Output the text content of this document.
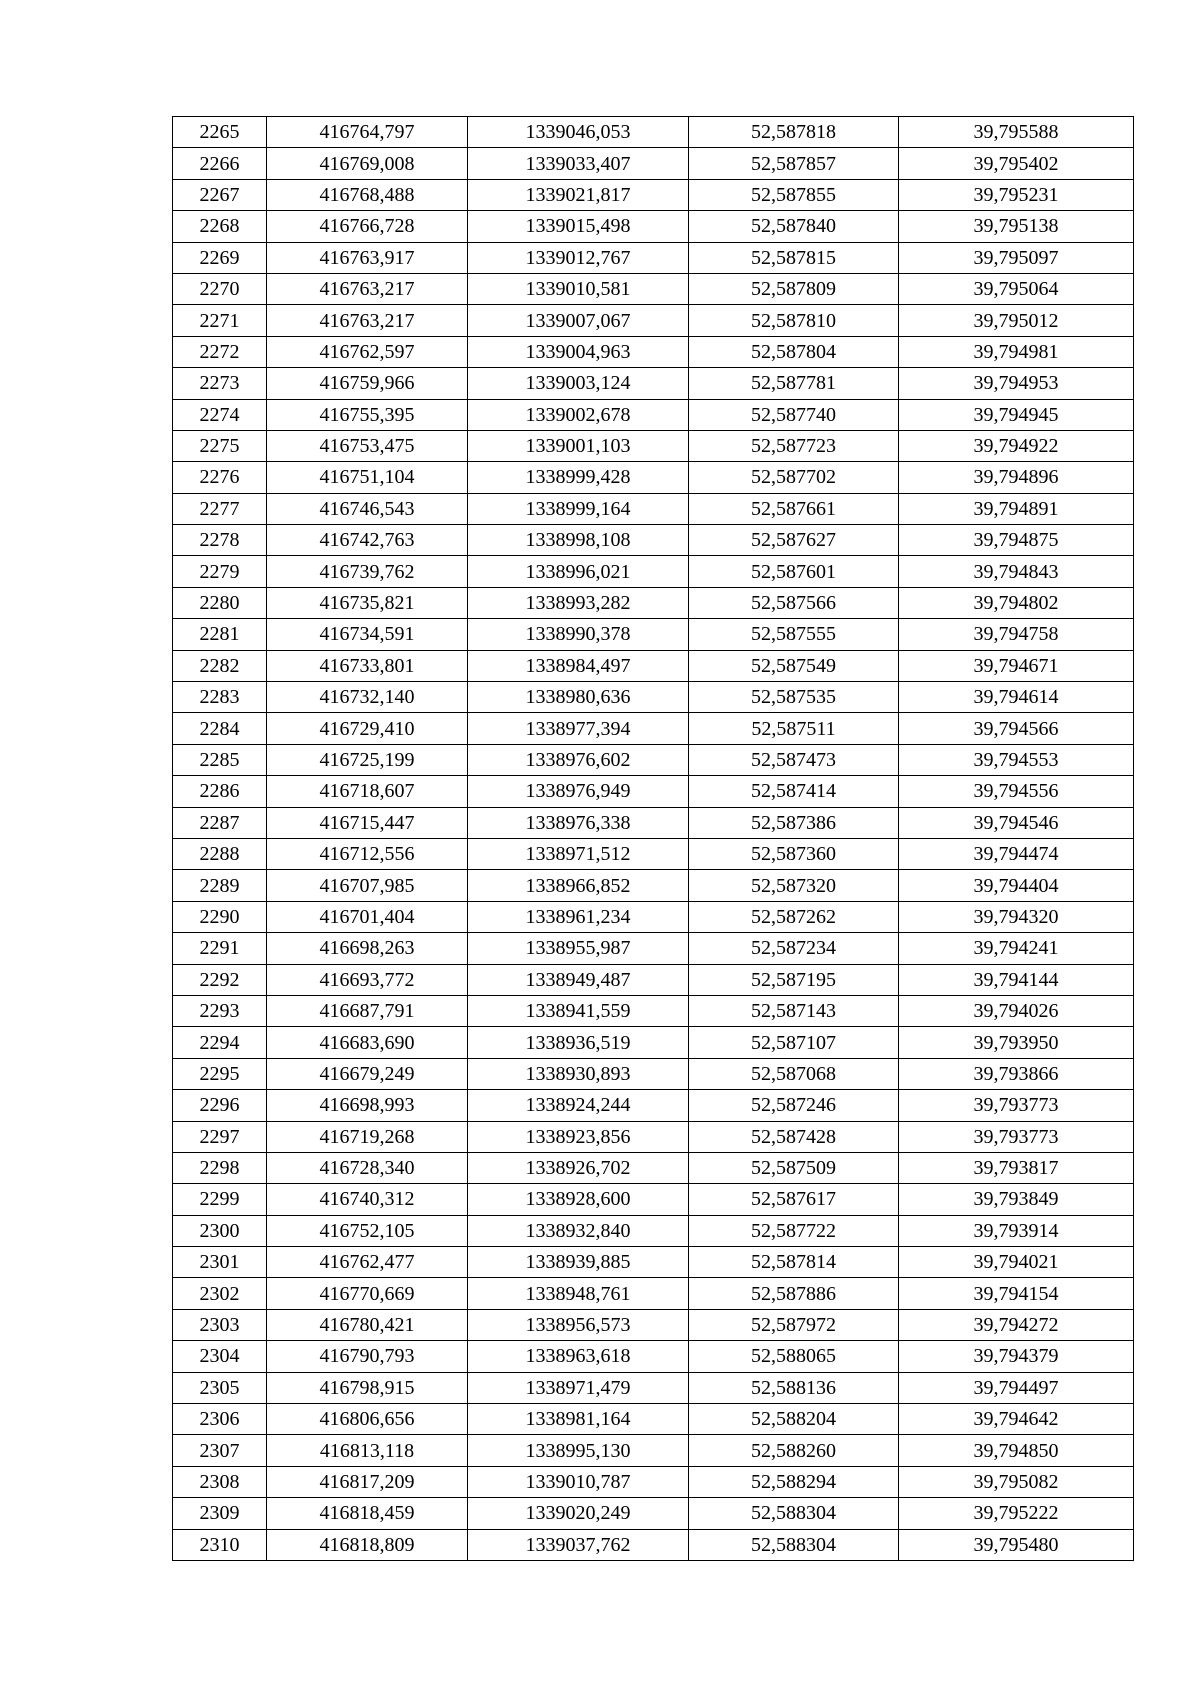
2265	416764,797	1339046,053	52,587818	39,795588
2266	416769,008	1339033,407	52,587857	39,795402
2267	416768,488	1339021,817	52,587855	39,795231
2268	416766,728	1339015,498	52,587840	39,795138
2269	416763,917	1339012,767	52,587815	39,795097
2270	416763,217	1339010,581	52,587809	39,795064
2271	416763,217	1339007,067	52,587810	39,795012
2272	416762,597	1339004,963	52,587804	39,794981
2273	416759,966	1339003,124	52,587781	39,794953
2274	416755,395	1339002,678	52,587740	39,794945
2275	416753,475	1339001,103	52,587723	39,794922
2276	416751,104	1338999,428	52,587702	39,794896
2277	416746,543	1338999,164	52,587661	39,794891
2278	416742,763	1338998,108	52,587627	39,794875
2279	416739,762	1338996,021	52,587601	39,794843
2280	416735,821	1338993,282	52,587566	39,794802
2281	416734,591	1338990,378	52,587555	39,794758
2282	416733,801	1338984,497	52,587549	39,794671
2283	416732,140	1338980,636	52,587535	39,794614
2284	416729,410	1338977,394	52,587511	39,794566
2285	416725,199	1338976,602	52,587473	39,794553
2286	416718,607	1338976,949	52,587414	39,794556
2287	416715,447	1338976,338	52,587386	39,794546
2288	416712,556	1338971,512	52,587360	39,794474
2289	416707,985	1338966,852	52,587320	39,794404
2290	416701,404	1338961,234	52,587262	39,794320
2291	416698,263	1338955,987	52,587234	39,794241
2292	416693,772	1338949,487	52,587195	39,794144
2293	416687,791	1338941,559	52,587143	39,794026
2294	416683,690	1338936,519	52,587107	39,793950
2295	416679,249	1338930,893	52,587068	39,793866
2296	416698,993	1338924,244	52,587246	39,793773
2297	416719,268	1338923,856	52,587428	39,793773
2298	416728,340	1338926,702	52,587509	39,793817
2299	416740,312	1338928,600	52,587617	39,793849
2300	416752,105	1338932,840	52,587722	39,793914
2301	416762,477	1338939,885	52,587814	39,794021
2302	416770,669	1338948,761	52,587886	39,794154
2303	416780,421	1338956,573	52,587972	39,794272
2304	416790,793	1338963,618	52,588065	39,794379
2305	416798,915	1338971,479	52,588136	39,794497
2306	416806,656	1338981,164	52,588204	39,794642
2307	416813,118	1338995,130	52,588260	39,794850
2308	416817,209	1339010,787	52,588294	39,795082
2309	416818,459	1339020,249	52,588304	39,795222
2310	416818,809	1339037,762	52,588304	39,795480
